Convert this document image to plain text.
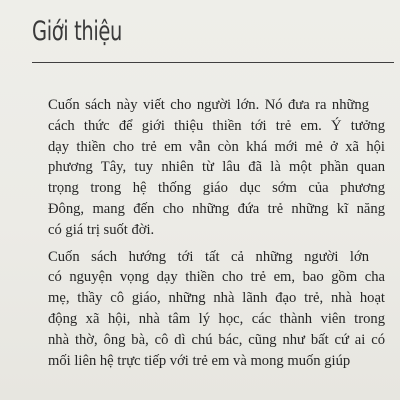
Giới thiệu

Cuốn sách này viết cho người lớn. Nó đưa ra những
cách thức để giới thiệu thiền tới trẻ em. Ý tưởng
dạy thiền cho trẻ em vẫn còn khá mới mẻ ở xã hội
phương Tây, tuy nhiên từ lâu đã là một phần quan
trọng trong hệ thống giáo dục sớm của phương
Đông, mang đến cho những đứa trẻ những kĩ năng
có giá trị suốt đời.

Cuốn sách hướng tới tất cả những người lớn
có nguyện vọng dạy thiền cho trẻ em, bao gồm cha
mẹ, thầy cô giáo, những nhà lãnh đạo trẻ, nhà hoạt
động xã hội, nhà tâm lý học, các thành viên trong
nhà thờ, ông bà, cô dì chú bác, cũng như bất cứ ai có
mối liên hệ trực tiếp với trẻ em và mong muốn giúp
